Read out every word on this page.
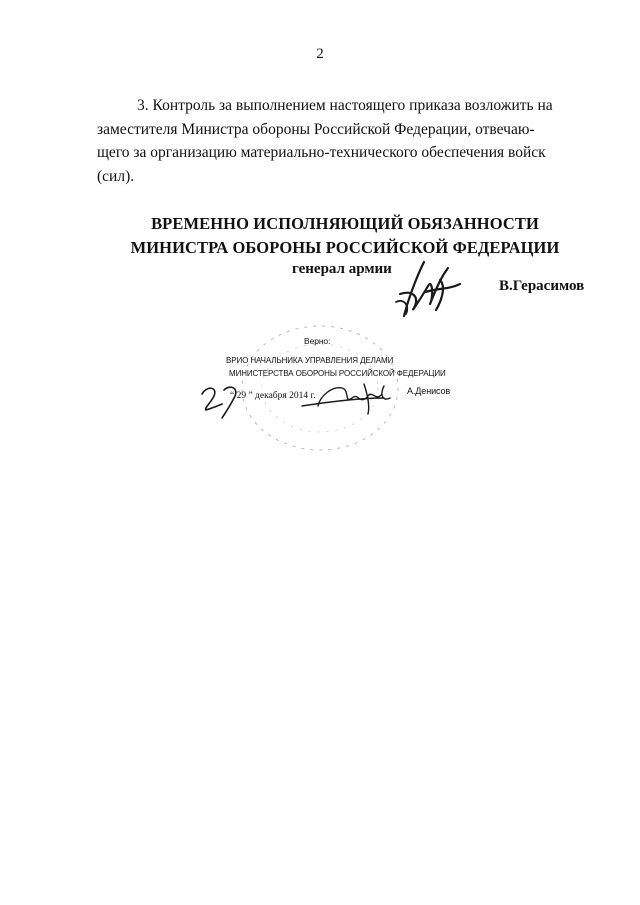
2
3. Контроль за выполнением настоящего приказа возложить на
заместителя Министра обороны Российской Федерации, отвечаю-
щего за организацию материально-технического обеспечения войск
(сил).
ВРЕМЕННО ИСПОЛНЯЮЩИЙ ОБЯЗАННОСТИ
МИНИСТРА ОБОРОНЫ РОССИЙСКОЙ ФЕДЕРАЦИИ
генерал армии
В.Герасимов
Верно:
ВРИО НАЧАЛЬНИКА УПРАВЛЕНИЯ ДЕЛАМИ
МИНИСТЕРСТВА ОБОРОНЫ РОССИЙСКОЙ ФЕДЕРАЦИИ
“ 29 ” декабря 2014 г.	А.Денисов
